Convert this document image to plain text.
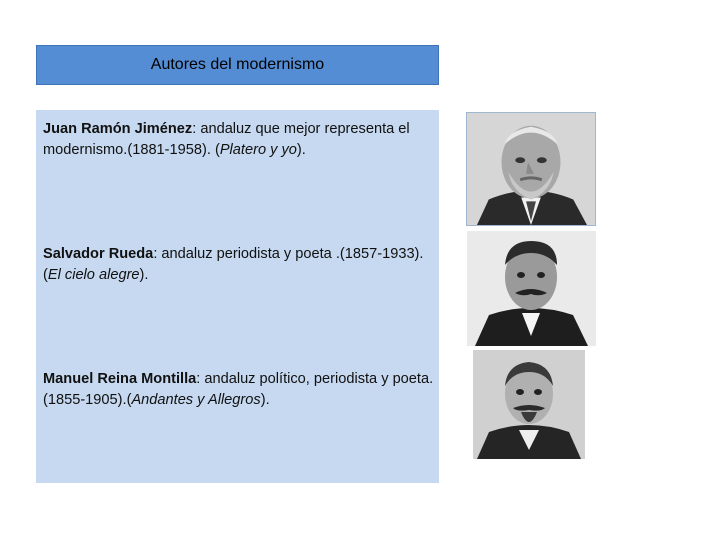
Autores del modernismo
Juan Ramón Jiménez: andaluz que mejor representa el modernismo.(1881-1958). (Platero y yo).
Salvador Rueda: andaluz periodista y poeta .(1857-1933). (El cielo alegre).
Manuel Reina Montilla: andaluz político, periodista y poeta. (1855-1905).(Andantes y Allegros).
